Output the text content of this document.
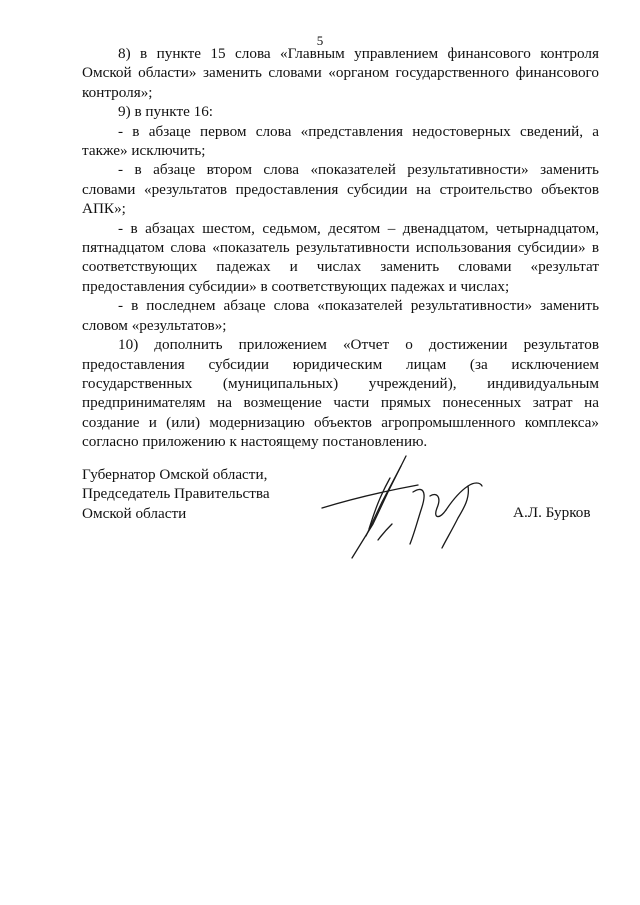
5

8) в пункте 15 слова «Главным управлением финансового контроля Омской области» заменить словами «органом государственного финансового контроля»;

9) в пункте 16:

- в абзаце первом слова «представления недостоверных сведений, а также» исключить;

- в абзаце втором слова «показателей результативности» заменить словами «результатов предоставления субсидии на строительство объектов АПК»;

- в абзацах шестом, седьмом, десятом – двенадцатом, четырнадцатом, пятнадцатом слова «показатель результативности использования субсидии» в соответствующих падежах и числах заменить словами «результат предоставления субсидии» в соответствующих падежах и числах;

- в последнем абзаце слова «показателей результативности» заменить словом «результатов»;

10) дополнить приложением «Отчет о достижении результатов предоставления субсидии юридическим лицам (за исключением государственных (муниципальных) учреждений), индивидуальным предпринимателям на возмещение части прямых понесенных затрат на создание и (или) модернизацию объектов агропромышленного комплекса» согласно приложению к настоящему постановлению.

Губернатор Омской области,
Председатель Правительства
Омской области	А.Л. Бурков
